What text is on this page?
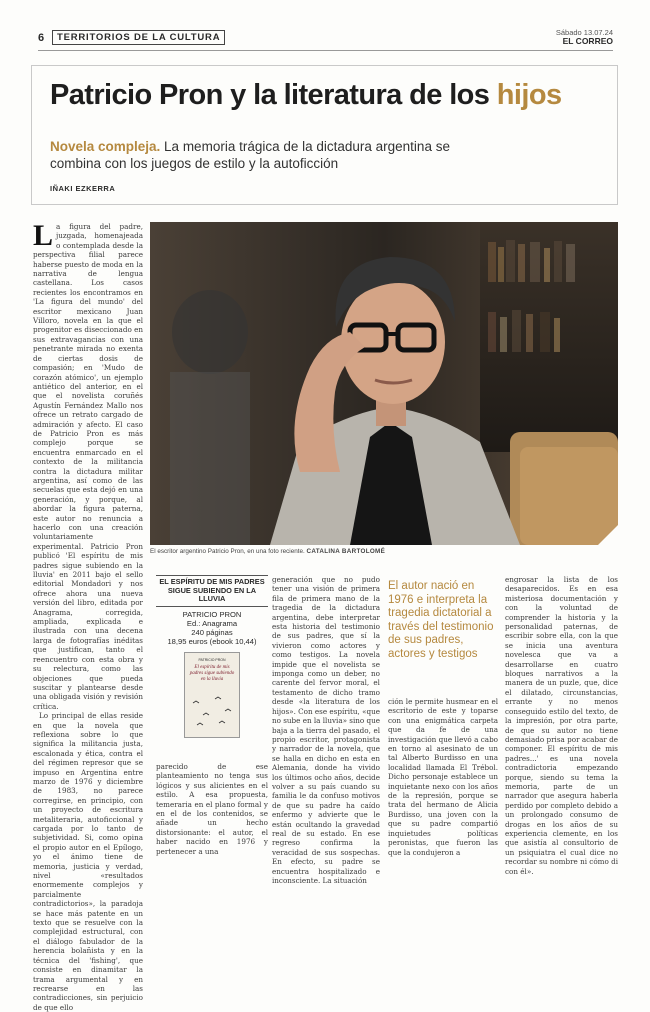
6	TERRITORIOS DE LA CULTURA	Sábado 13.07.24
EL CORREO
Patricio Pron y la literatura de los hijos
Novela compleja. La memoria trágica de la dictadura argentina se combina con los juegos de estilo y la autoficción
IÑAKI EZKERRA

La figura del padre, juzgada, homenajeada o contemplada desde la perspectiva filial parece haberse puesto de moda en la narrativa de lengua castellana. Los casos recientes los encontramos en 'La figura del mundo' del escritor mexicano Juan Villoro, novela en la que el progenitor es diseccionado en sus extravagancias con una penetrante mirada no exenta de ciertas dosis de compasión; en 'Mudo de corazón atómico', un ejemplo antiético del anterior, en el que el novelista coruñés Agustín Fernández Mallo nos ofrece un retrato cargado de admiración y afecto. El caso de Patricio Pron es más complejo porque se encuentra enmarcado en el contexto de la militancia contra la dictadura militar argentina, así como de las secuelas que esta dejó en una generación, y porque, al abordar la figura paterna, este autor no renuncia a hacerlo con una creación voluntariamente experimental. Patricio Pron publicó 'El espíritu de mis padres sigue subiendo en la lluvia' en 2011 bajo el sello editorial Mondadori y nos ofrece ahora una nueva versión del libro, editada por Anagrama, corregida, ampliada, explicada e ilustrada con una decena larga de fotografías inéditas que justifican, tanto el reencuentro con esta obra y su relectura, como las objeciones que pueda suscitar y plantearse desde una obligada visión y revisión crítica.

Lo principal de ellas reside en que la novela que reflexiona sobre lo que significa la militancia justa, escalonada y ética, contra el del régimen represor que se impuso en Argentina entre marzo de 1976 y diciembre de 1983, no parece corregirse, en principio, con un proyecto de escritura metaliteraria, autoficcional y cargada por lo tanto de subjetividad. Si, como opina el propio autor en el Epílogo, yo el ánimo tiene de memoria, justicia y verdad, nivel «resultados enormemente complejos y parcialmente contradictorios», la paradoja se hace más patente en un texto que se resuelve con la complejidad estructural, con el diálogo fabulador de la herencia bolañista y en la técnica del 'fishing', que consiste en dinamitar la trama argumental y en recrearse en las contradicciones, sin perjuicio de que ello

El escritor argentino Patricio Pron, en una foto reciente. CATALINA BARTOLOMÉ
EL ESPÍRITU DE MIS PADRES SIGUE SUBIENDO EN LA LLUVIA
PATRICIO PRON
Ed.: Anagrama
240 páginas
18,95 euros (ebook 10,44)
PATRICIO PRON
El espíritu de mis padres sigue subiendo en la lluvia

parecido de ese planteamiento no tenga sus lógicos y sus alicientes en el estilo. A esa propuesta, temeraria en el plano formal y en el de los contenidos, se añade un hecho distorsionante: el autor, el haber nacido en 1976 y pertenecer a una

generación que no pudo tener una visión de primera fila de primera mano de la tragedia de la dictadura argentina, debe interpretar esta historia del testimonio de sus padres, que sí la vivieron como actores y como testigos. La novela impide que el novelista se imponga como un deber, no carente del fervor moral, el testamento de dicho tramo desde «la literatura de los hijos». Con ese espíritu, «que no sube en la lluvia» sino que baja a la tierra del pasado, el propio escritor, protagonista y narrador de la novela, que se halla en dicho en esta en Alemania, donde ha vivido los últimos ocho años, decide volver a su país cuando su familia le da confuso motivos de que su padre ha caído enfermo y advierte que le están ocultando la gravedad real de su estado. En ese regreso confirma la veracidad de sus sospechas. En efecto, su padre se encuentra hospitalizado e inconsciente. La situación

El autor nació en 1976 e interpreta la tragedia dictatorial a través del testimonio de sus padres, actores y testigos

ción le permite husmear en el escritorio de este y toparse con una enigmática carpeta que da fe de una investigación que llevó a cabo en torno al asesinato de un tal Alberto Burdisso en una localidad llamada El Trébol. Dicho personaje establece un inquietante nexo con los años de la represión, porque se trata del hermano de Alicia Burdisso, una joven con la que su padre compartió inquietudes políticas peronistas, que fueron las que la condujeron a

engrosar la lista de los desaparecidos. Es en esa misteriosa documentación y con la voluntad de comprender la historia y la personalidad paternas, de escribir sobre ella, con la que se inicia una aventura novelesca que va a desarrollarse en cuatro bloques narrativos a la manera de un puzle, que, dice el dilatado, circunstancias, errante y no menos conseguido estilo del texto, de la impresión, por otra parte, de que su autor no tiene demasiado prisa por acabar de componer. El espíritu de mis padres...' es una novela contradictoria empezando porque, siendo su tema la memoria, parte de un narrador que asegura haberla perdido por completo debido a un prolongado consumo de drogas en los años de su experiencia clemente, en los que asistía al consultorio de un psiquiatra el cual dice no recordar su nombre ni cómo di con él».
